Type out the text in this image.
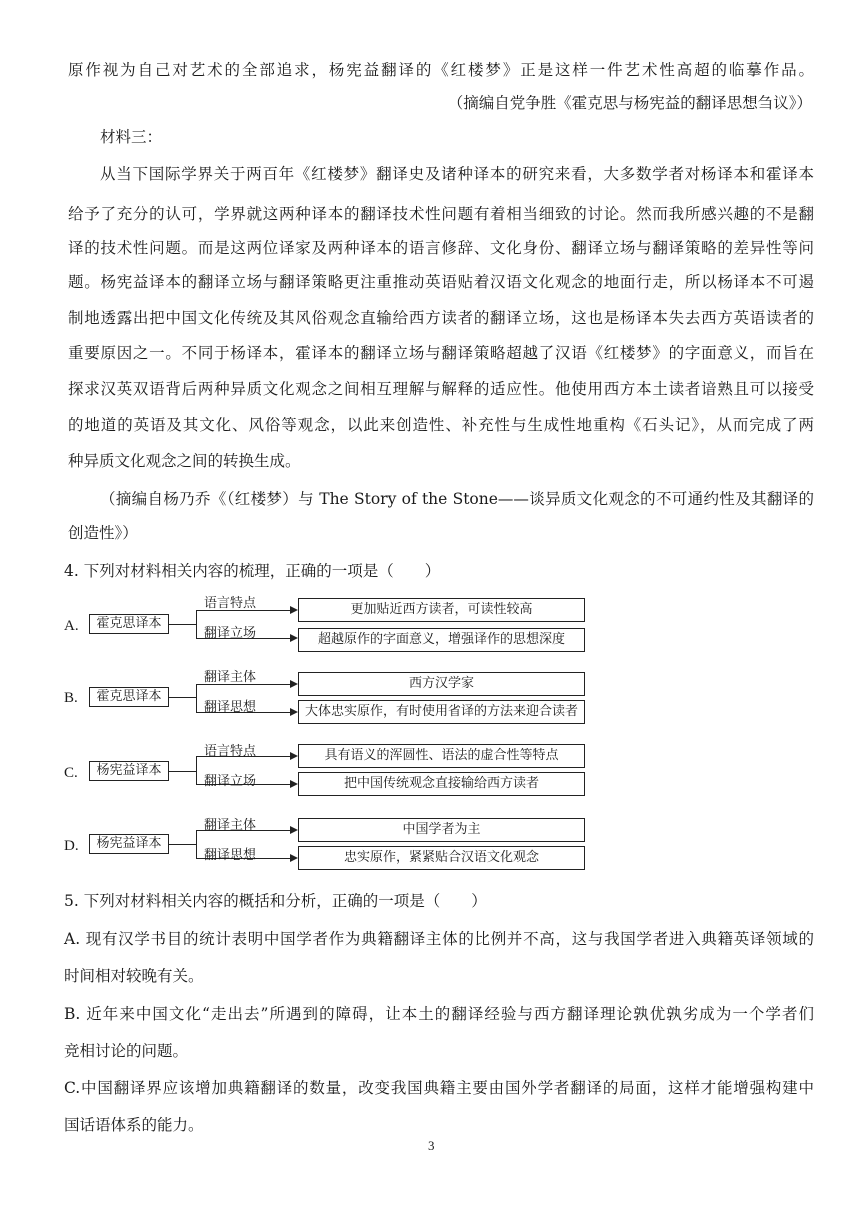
原作视为自己对艺术的全部追求，杨宪益翻译的《红楼梦》正是这样一件艺术性高超的临摹作品。

（摘编自党争胜《霍克思与杨宪益的翻译思想刍议》）

材料三：

从当下国际学界关于两百年《红楼梦》翻译史及诸种译本的研究来看，大多数学者对杨译本和霍译本

给予了充分的认可，学界就这两种译本的翻译技术性问题有着相当细致的讨论。然而我所感兴趣的不是翻

译的技术性问题。而是这两位译家及两种译本的语言修辞、文化身份、翻译立场与翻译策略的差异性等问

题。杨宪益译本的翻译立场与翻译策略更注重推动英语贴着汉语文化观念的地面行走，所以杨译本不可遏

制地透露出把中国文化传统及其风俗观念直输给西方读者的翻译立场，这也是杨译本失去西方英语读者的

重要原因之一。不同于杨译本，霍译本的翻译立场与翻译策略超越了汉语《红楼梦》的字面意义，而旨在

探求汉英双语背后两种异质文化观念之间相互理解与解释的适应性。他使用西方本土读者谙熟且可以接受

的地道的英语及其文化、风俗等观念，以此来创造性、补充性与生成性地重构《石头记》，从而完成了两

种异质文化观念之间的转换生成。

（摘编自杨乃乔《（红楼梦）与 The Story of the Stone——谈异质文化观念的不可通约性及其翻译的

创造性》）

4. 下列对材料相关内容的梳理，正确的一项是（　　）

A.	霍克思译本
语言特点
翻译立场
更加贴近西方读者，可读性较高
超越原作的字面意义，增强译作的思想深度
B.	霍克思译本
翻译主体
翻译思想
西方汉学家
大体忠实原作，有时使用省译的方法来迎合读者
C.	杨宪益译本
语言特点
翻译立场
具有语义的浑圆性、语法的虚合性等特点
把中国传统观念直接输给西方读者
D.	杨宪益译本
翻译主体
翻译思想
中国学者为主
忠实原作，紧紧贴合汉语文化观念

5. 下列对材料相关内容的概括和分析，正确的一项是（　　）

A. 现有汉学书目的统计表明中国学者作为典籍翻译主体的比例并不高，这与我国学者进入典籍英译领域的

时间相对较晚有关。

B. 近年来中国文化“走出去”所遇到的障碍，让本土的翻译经验与西方翻译理论孰优孰劣成为一个学者们

竞相讨论的问题。

C.中国翻译界应该增加典籍翻译的数量，改变我国典籍主要由国外学者翻译的局面，这样才能增强构建中

国话语体系的能力。

3
